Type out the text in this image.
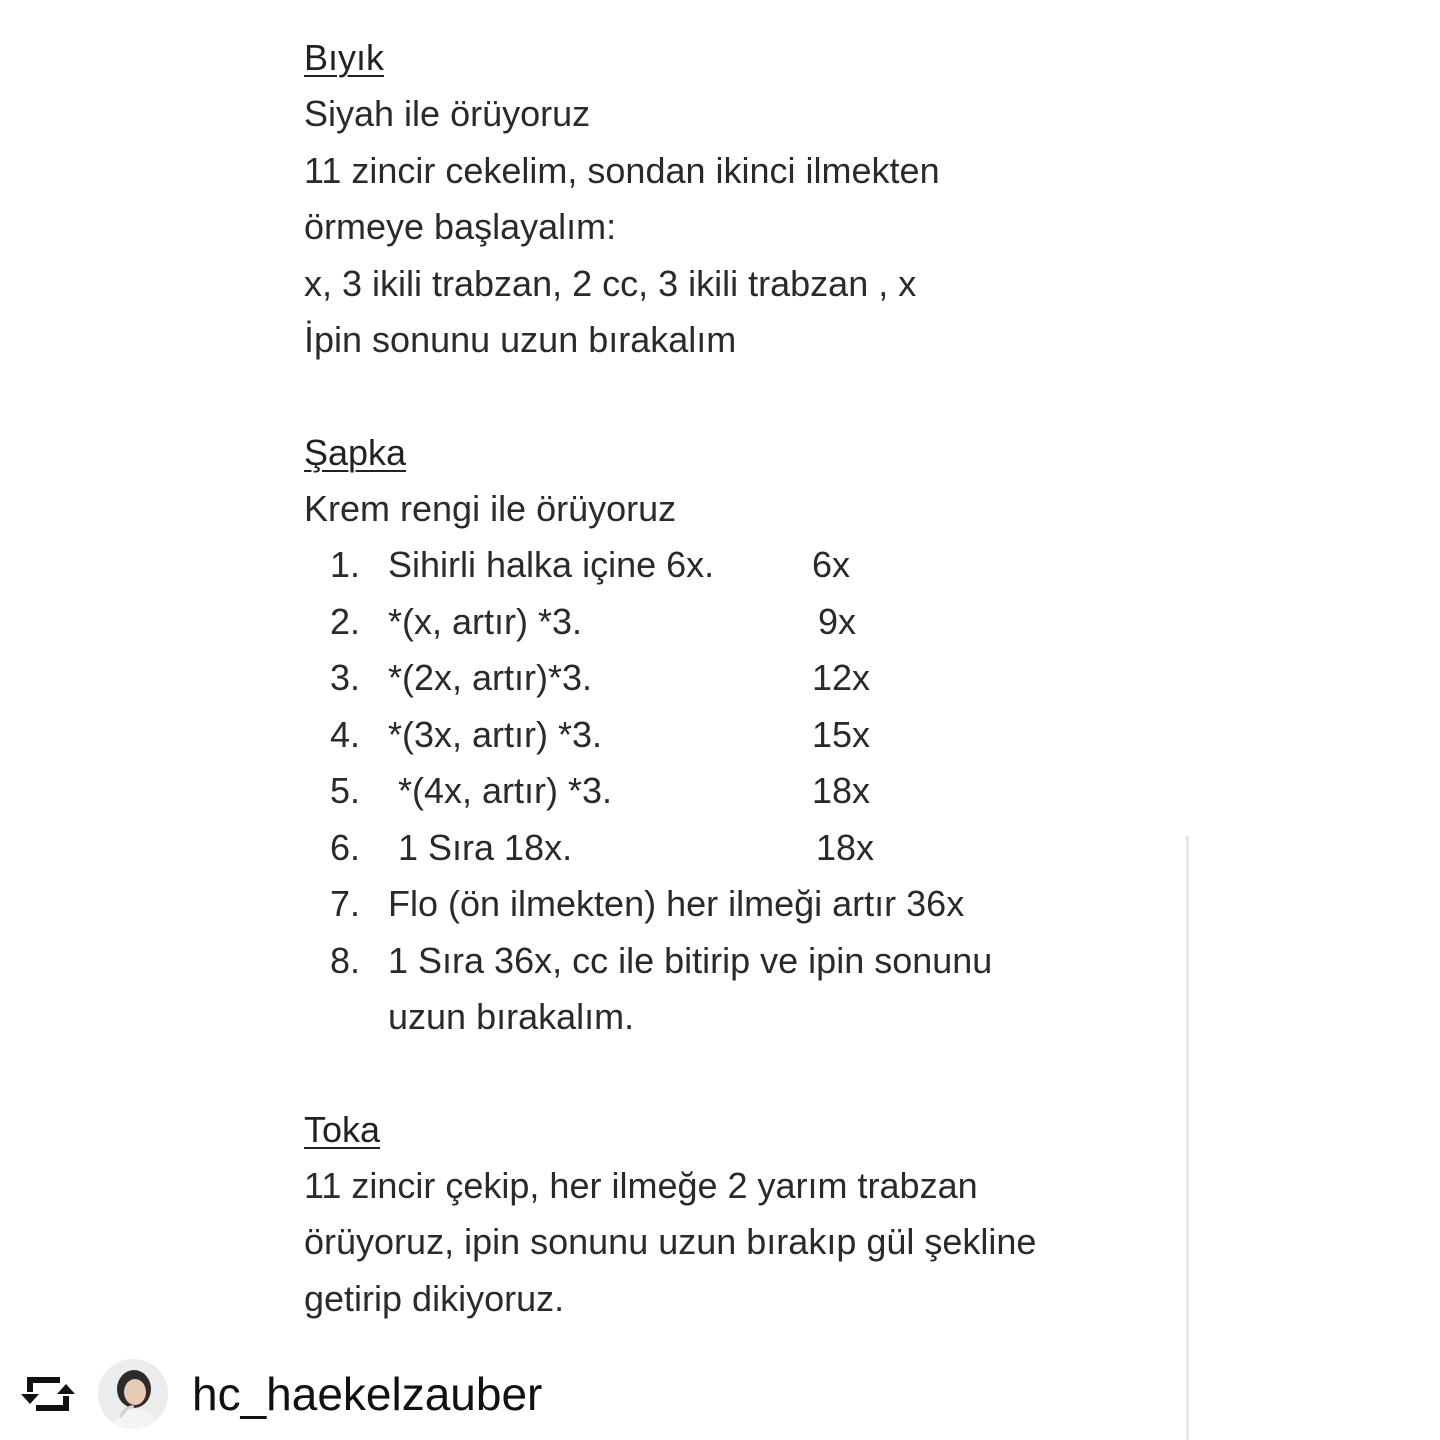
Bıyık

Siyah ile örüyoruz

11 zincir cekelim, sondan ikinci ilmekten

örmeye başlayalım:

x, 3 ikili trabzan, 2 cc, 3 ikili trabzan , x

İpin sonunu uzun bırakalım

Şapka

Krem rengi ile örüyoruz

1. Sihirli halka içine 6x.	6x
2. *(x, artır) *3.	9x
3. *(2x, artır)*3.	12x
4. *(3x, artır) *3.	15x
5. *(4x, artır) *3.	18x
6. 1 Sıra 18x.	18x
7. Flo (ön ilmekten) her ilmeği artır 36x
8. 1 Sıra 36x, cc ile bitirip ve ipin sonunu
uzun bırakalım.
Toka

11 zincir çekip, her ilmeğe 2 yarım trabzan

örüyoruz, ipin sonunu uzun bırakıp gül şekline

getirip dikiyoruz.

hc_haekelzauber
